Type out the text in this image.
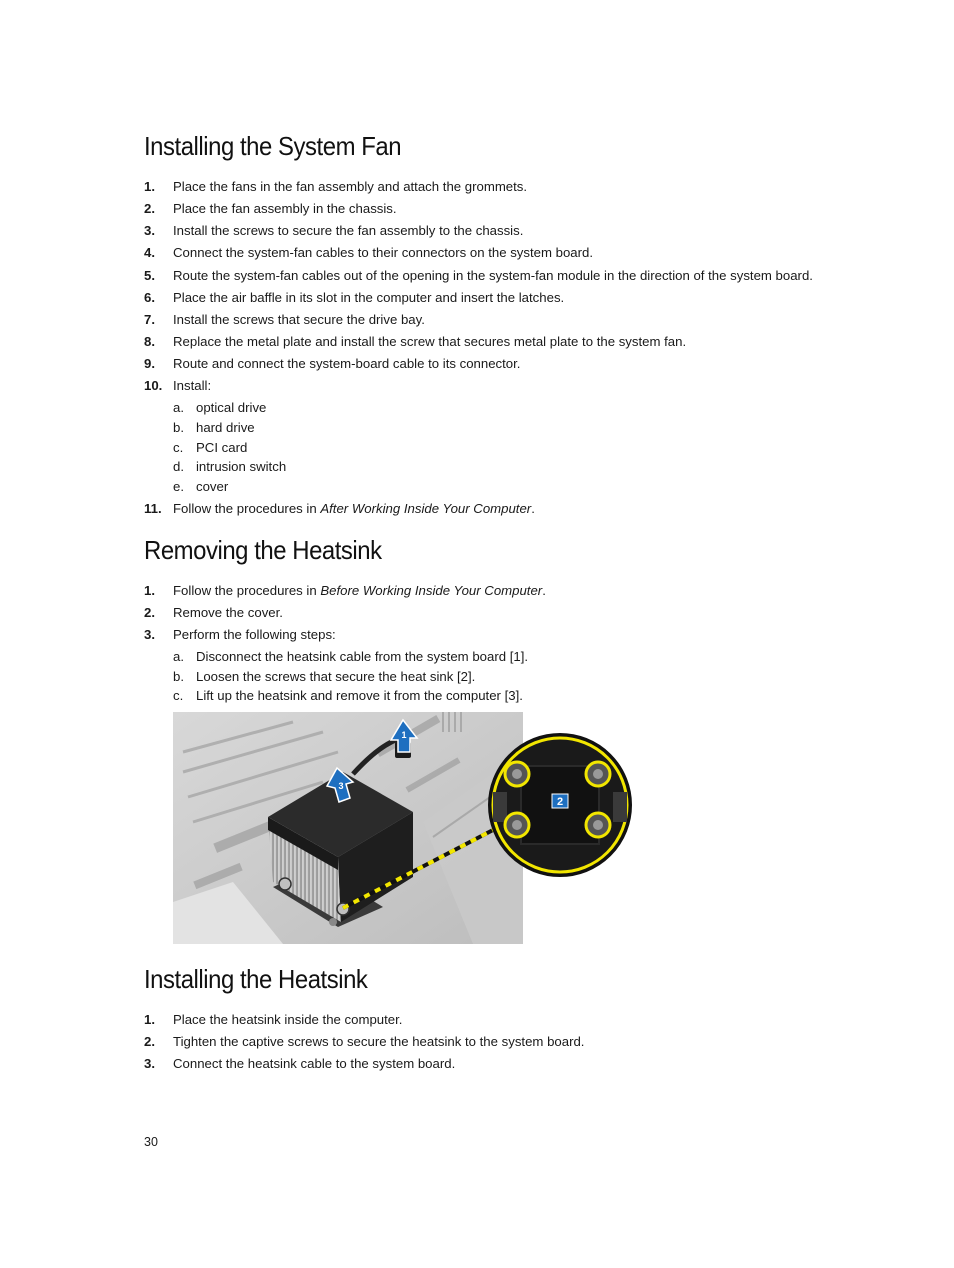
Installing the System Fan
1. Place the fans in the fan assembly and attach the grommets.
2. Place the fan assembly in the chassis.
3. Install the screws to secure the fan assembly to the chassis.
4. Connect the system-fan cables to their connectors on the system board.
5. Route the system-fan cables out of the opening in the system-fan module in the direction of the system board.
6. Place the air baffle in its slot in the computer and insert the latches.
7. Install the screws that secure the drive bay.
8. Replace the metal plate and install the screw that secures metal plate to the system fan.
9. Route and connect the system-board cable to its connector.
10. Install:
a. optical drive
b. hard drive
c. PCI card
d. intrusion switch
e. cover
11. Follow the procedures in After Working Inside Your Computer.
Removing the Heatsink
1. Follow the procedures in Before Working Inside Your Computer.
2. Remove the cover.
3. Perform the following steps:
a. Disconnect the heatsink cable from the system board [1].
b. Loosen the screws that secure the heat sink [2].
c. Lift up the heatsink and remove it from the computer [3].
1
3
2
Installing the Heatsink
1. Place the heatsink inside the computer.
2. Tighten the captive screws to secure the heatsink to the system board.
3. Connect the heatsink cable to the system board.
30
